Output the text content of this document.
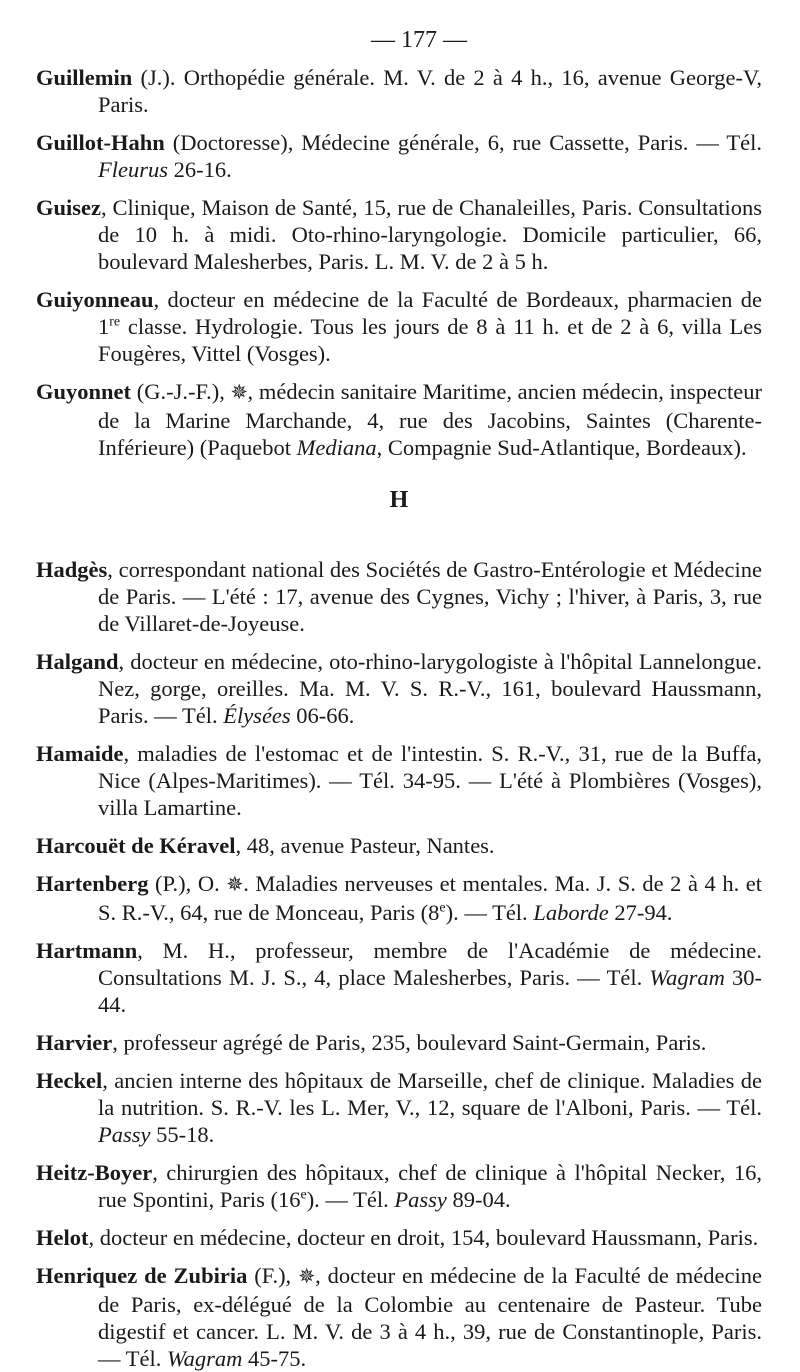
— 177 —

Guillemin (J.). Orthopédie générale. M. V. de 2 à 4 h., 16, avenue George-V, Paris.

Guillot-Hahn (Doctoresse), Médecine générale, 6, rue Cassette, Paris. — Tél. Fleurus 26-16.

Guisez, Clinique, Maison de Santé, 15, rue de Chanaleilles, Paris. Consultations de 10 h. à midi. Oto-rhino-laryngologie. Domicile particulier, 66, boulevard Malesherbes, Paris. L. M. V. de 2 à 5 h.

Guiyonneau, docteur en médecine de la Faculté de Bordeaux, pharmacien de 1re classe. Hydrologie. Tous les jours de 8 à 11 h. et de 2 à 6, villa Les Fougères, Vittel (Vosges).

Guyonnet (G.-J.-F.), ✵, médecin sanitaire Maritime, ancien médecin, inspecteur de la Marine Marchande, 4, rue des Jacobins, Saintes (Charente-Inférieure) (Paquebot Mediana, Compagnie Sud-Atlantique, Bordeaux).

H

Hadgès, correspondant national des Sociétés de Gastro-Entérologie et Médecine de Paris. — L'été : 17, avenue des Cygnes, Vichy ; l'hiver, à Paris, 3, rue de Villaret-de-Joyeuse.

Halgand, docteur en médecine, oto-rhino-larygologiste à l'hôpital Lannelongue. Nez, gorge, oreilles. Ma. M. V. S. R.-V., 161, boulevard Haussmann, Paris. — Tél. Élysées 06-66.

Hamaide, maladies de l'estomac et de l'intestin. S. R.-V., 31, rue de la Buffa, Nice (Alpes-Maritimes). — Tél. 34-95. — L'été à Plombières (Vosges), villa Lamartine.

Harcouët de Kéravel, 48, avenue Pasteur, Nantes.

Hartenberg (P.), O. ✵. Maladies nerveuses et mentales. Ma. J. S. de 2 à 4 h. et S. R.-V., 64, rue de Monceau, Paris (8e). — Tél. Laborde 27-94.

Hartmann, M. H., professeur, membre de l'Académie de médecine. Consultations M. J. S., 4, place Malesherbes, Paris. — Tél. Wagram 30-44.

Harvier, professeur agrégé de Paris, 235, boulevard Saint-Germain, Paris.

Heckel, ancien interne des hôpitaux de Marseille, chef de clinique. Maladies de la nutrition. S. R.-V. les L. Mer, V., 12, square de l'Alboni, Paris. — Tél. Passy 55-18.

Heitz-Boyer, chirurgien des hôpitaux, chef de clinique à l'hôpital Necker, 16, rue Spontini, Paris (16e). — Tél. Passy 89-04.

Helot, docteur en médecine, docteur en droit, 154, boulevard Haussmann, Paris.

Henriquez de Zubiria (F.), ✵, docteur en médecine de la Faculté de médecine de Paris, ex-délégué de la Colombie au centenaire de Pasteur. Tube digestif et cancer. L. M. V. de 3 à 4 h., 39, rue de Constantinople, Paris. — Tél. Wagram 45-75.
